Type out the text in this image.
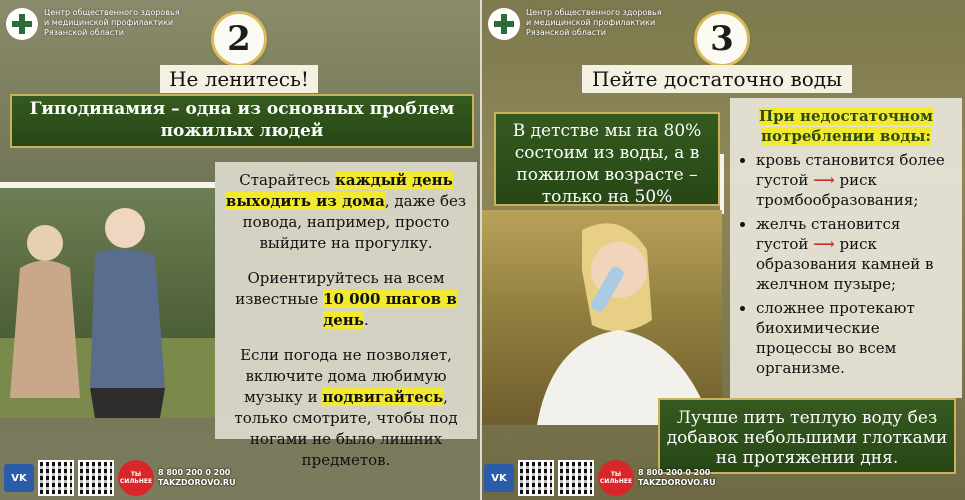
Центр общественного здоровья
и медицинской профилактики
Рязанской области	2
Не ленитесь!
Гиподинамия – одна из основных проблем пожилых людей

Старайтесь каждый день выходить из дома, даже без повода, например, просто выйдите на прогулку.

Ориентируйтесь на всем известные 10 000 шагов в день.

Если погода не позволяет, включите дома любимую музыку и подвигайтесь, только смотрите, чтобы под ногами не было лишних предметов.

VK	ТЫ
СИЛЬНЕЕ
8 800 200 0 200
TAKZDOROVO.RU
Центр общественного здоровья
и медицинской профилактики
Рязанской области	3
Пейте достаточно воды
В детстве мы на 80% состоим из воды, а в пожилом возрасте – только на 50%
При недостаточном потреблении воды:
• кровь становится более густой ⟶ риск тромбообразования;
• желчь становится густой ⟶ риск образования камней в желчном пузыре;
• сложнее протекают биохимические процессы во всем организме.
Лучше пить теплую воду без добавок небольшими глотками на протяжении дня.
VK	ТЫ
СИЛЬНЕЕ
8 800 200 0 200
TAKZDOROVO.RU
